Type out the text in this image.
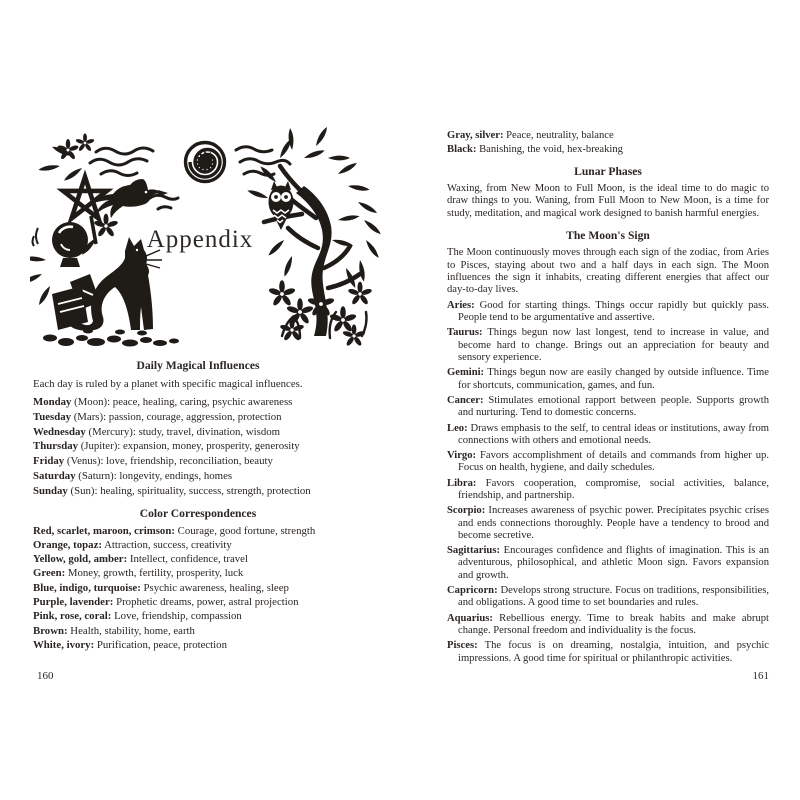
Appendix
Daily Magical Influences
Each day is ruled by a planet with specific magical influences.
Monday (Moon): peace, healing, caring, psychic awareness
Tuesday (Mars): passion, courage, aggression, protection
Wednesday (Mercury): study, travel, divination, wisdom
Thursday (Jupiter): expansion, money, prosperity, generosity
Friday (Venus): love, friendship, reconciliation, beauty
Saturday (Saturn): longevity, endings, homes
Sunday (Sun): healing, spirituality, success, strength, protection
Color Correspondences
Red, scarlet, maroon, crimson: Courage, good fortune, strength
Orange, topaz: Attraction, success, creativity
Yellow, gold, amber: Intellect, confidence, travel
Green: Money, growth, fertility, prosperity, luck
Blue, indigo, turquoise: Psychic awareness, healing, sleep
Purple, lavender: Prophetic dreams, power, astral projection
Pink, rose, coral: Love, friendship, compassion
Brown: Health, stability, home, earth
White, ivory: Purification, peace, protection
Gray, silver: Peace, neutrality, balance
Black: Banishing, the void, hex-breaking
Lunar Phases
Waxing, from New Moon to Full Moon, is the ideal time to do magic to draw things to you. Waning, from Full Moon to New Moon, is a time for study, meditation, and magical work designed to banish harmful energies.
The Moon's Sign
The Moon continuously moves through each sign of the zodiac, from Aries to Pisces, staying about two and a half days in each sign. The Moon influences the sign it inhabits, creating different energies that affect our day-to-day lives.
Aries: Good for starting things. Things occur rapidly but quickly pass. People tend to be argumentative and assertive.
Taurus: Things begun now last longest, tend to increase in value, and become hard to change. Brings out an appreciation for beauty and sensory experience.
Gemini: Things begun now are easily changed by outside influence. Time for shortcuts, communication, games, and fun.
Cancer: Stimulates emotional rapport between people. Supports growth and nurturing. Tend to domestic concerns.
Leo: Draws emphasis to the self, to central ideas or institutions, away from connections with others and emotional needs.
Virgo: Favors accomplishment of details and commands from higher up. Focus on health, hygiene, and daily schedules.
Libra: Favors cooperation, compromise, social activities, balance, friendship, and partnership.
Scorpio: Increases awareness of psychic power. Precipitates psychic crises and ends connections thoroughly. People have a tendency to brood and become secretive.
Sagittarius: Encourages confidence and flights of imagination. This is an adventurous, philosophical, and athletic Moon sign. Favors expansion and growth.
Capricorn: Develops strong structure. Focus on traditions, responsibilities, and obligations. A good time to set boundaries and rules.
Aquarius: Rebellious energy. Time to break habits and make abrupt change. Personal freedom and individuality is the focus.
Pisces: The focus is on dreaming, nostalgia, intuition, and psychic impressions. A good time for spiritual or philanthropic activities.
160	161
